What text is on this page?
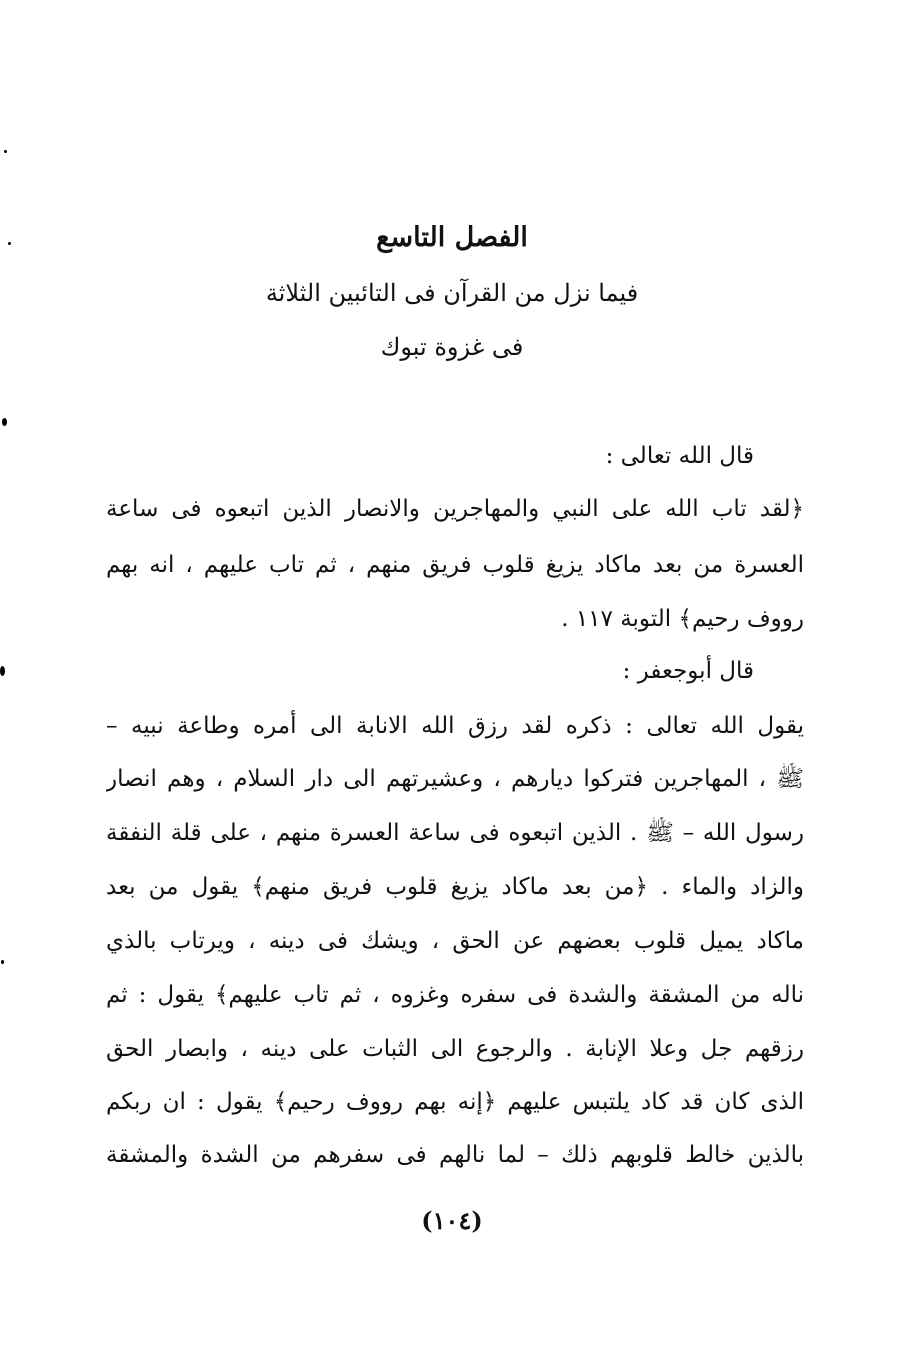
الفصل التاسع
فيما نزل من القرآن فى التائبين الثلاثة
فى غزوة تبوك
قال الله تعالى :
﴿لقد تاب الله على النبي والمهاجرين والانصار الذين اتبعوه فى ساعة
العسرة من بعد ماكاد يزيغ قلوب فريق منهم ، ثم تاب عليهم ، انه بهم
رووف رحيم﴾ التوبة ١١٧ .
قال أبوجعفر :
يقول الله تعالى : ذكره لقد رزق الله الانابة الى أمره وطاعة نبيه –
ﷺ ، المهاجرين فتركوا ديارهم ، وعشيرتهم الى دار السلام ، وهم انصار
رسول الله – ﷺ . الذين اتبعوه فى ساعة العسرة منهم ، على قلة النفقة
والزاد والماء . ﴿من بعد ماكاد يزيغ قلوب فريق منهم﴾ يقول من بعد
ماكاد يميل قلوب بعضهم عن الحق ، ويشك فى دينه ، ويرتاب بالذي
ناله من المشقة والشدة فى سفره وغزوه ، ثم تاب عليهم﴾ يقول : ثم
رزقهم جل وعلا الإنابة . والرجوع الى الثبات على دينه ، وابصار الحق
الذى كان قد كاد يلتبس عليهم ﴿إنه بهم رووف رحيم﴾ يقول : ان ربكم
بالذين خالط قلوبهم ذلك – لما نالهم فى سفرهم من الشدة والمشقة
(١٠٤)
